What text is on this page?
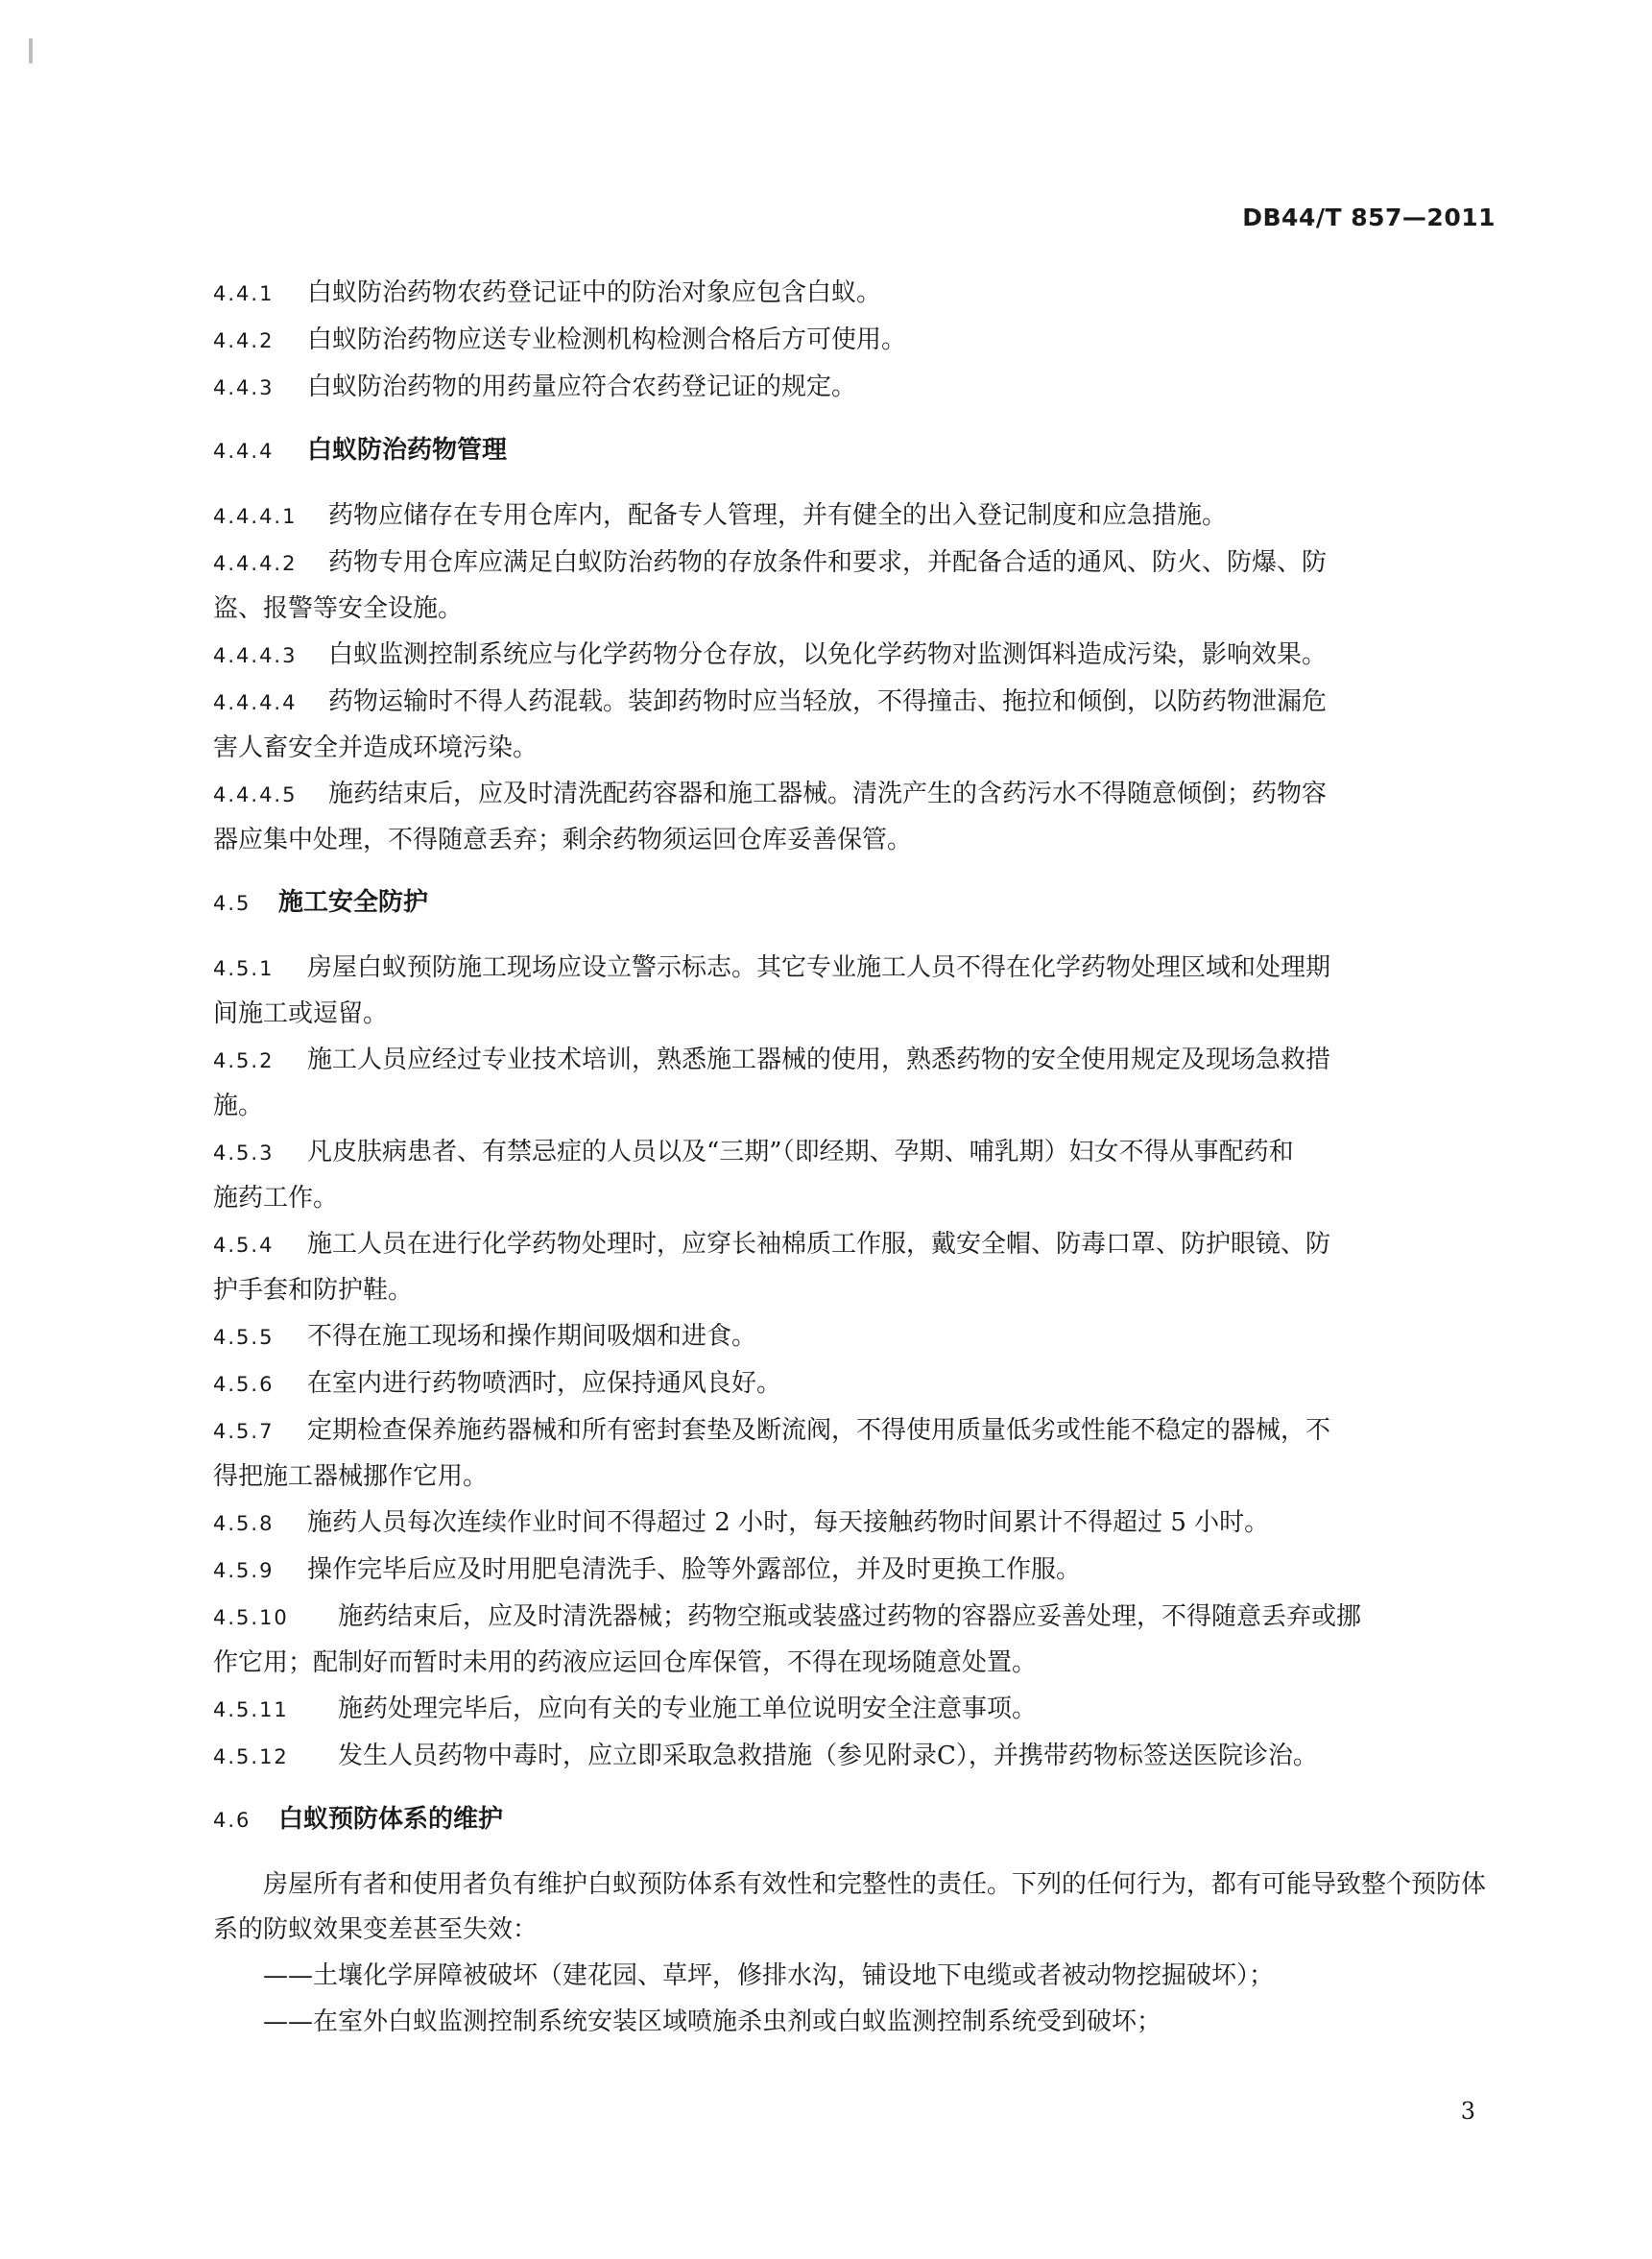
DB44/T 857—2011

4.4.1 白蚁防治药物农药登记证中的防治对象应包含白蚁。

4.4.2 白蚁防治药物应送专业检测机构检测合格后方可使用。

4.4.3 白蚁防治药物的用药量应符合农药登记证的规定。

4.4.4 白蚁防治药物管理

4.4.4.1 药物应储存在专用仓库内，配备专人管理，并有健全的出入登记制度和应急措施。

4.4.4.2 药物专用仓库应满足白蚁防治药物的存放条件和要求，并配备合适的通风、防火、防爆、防
盗、报警等安全设施。

4.4.4.3 白蚁监测控制系统应与化学药物分仓存放，以免化学药物对监测饵料造成污染，影响效果。

4.4.4.4 药物运输时不得人药混载。装卸药物时应当轻放，不得撞击、拖拉和倾倒，以防药物泄漏危
害人畜安全并造成环境污染。

4.4.4.5 施药结束后，应及时清洗配药容器和施工器械。清洗产生的含药污水不得随意倾倒；药物容
器应集中处理，不得随意丢弃；剩余药物须运回仓库妥善保管。

4.5 施工安全防护

4.5.1 房屋白蚁预防施工现场应设立警示标志。其它专业施工人员不得在化学药物处理区域和处理期
间施工或逗留。

4.5.2 施工人员应经过专业技术培训，熟悉施工器械的使用，熟悉药物的安全使用规定及现场急救措
施。

4.5.3 凡皮肤病患者、有禁忌症的人员以及“三期”（即经期、孕期、哺乳期）妇女不得从事配药和
施药工作。

4.5.4 施工人员在进行化学药物处理时，应穿长袖棉质工作服，戴安全帽、防毒口罩、防护眼镜、防
护手套和防护鞋。

4.5.5 不得在施工现场和操作期间吸烟和进食。

4.5.6 在室内进行药物喷洒时，应保持通风良好。

4.5.7 定期检查保养施药器械和所有密封套垫及断流阀，不得使用质量低劣或性能不稳定的器械，不
得把施工器械挪作它用。

4.5.8 施药人员每次连续作业时间不得超过 2 小时，每天接触药物时间累计不得超过 5 小时。

4.5.9 操作完毕后应及时用肥皂清洗手、脸等外露部位，并及时更换工作服。

4.5.10 施药结束后，应及时清洗器械；药物空瓶或装盛过药物的容器应妥善处理，不得随意丢弃或挪
作它用；配制好而暂时未用的药液应运回仓库保管，不得在现场随意处置。

4.5.11 施药处理完毕后，应向有关的专业施工单位说明安全注意事项。

4.5.12 发生人员药物中毒时，应立即采取急救措施（参见附录C），并携带药物标签送医院诊治。

4.6 白蚁预防体系的维护

房屋所有者和使用者负有维护白蚁预防体系有效性和完整性的责任。下列的任何行为，都有可能导致整个预防体系的防蚁效果变差甚至失效：

——土壤化学屏障被破坏（建花园、草坪，修排水沟，铺设地下电缆或者被动物挖掘破坏）；

——在室外白蚁监测控制系统安装区域喷施杀虫剂或白蚁监测控制系统受到破坏；

3
